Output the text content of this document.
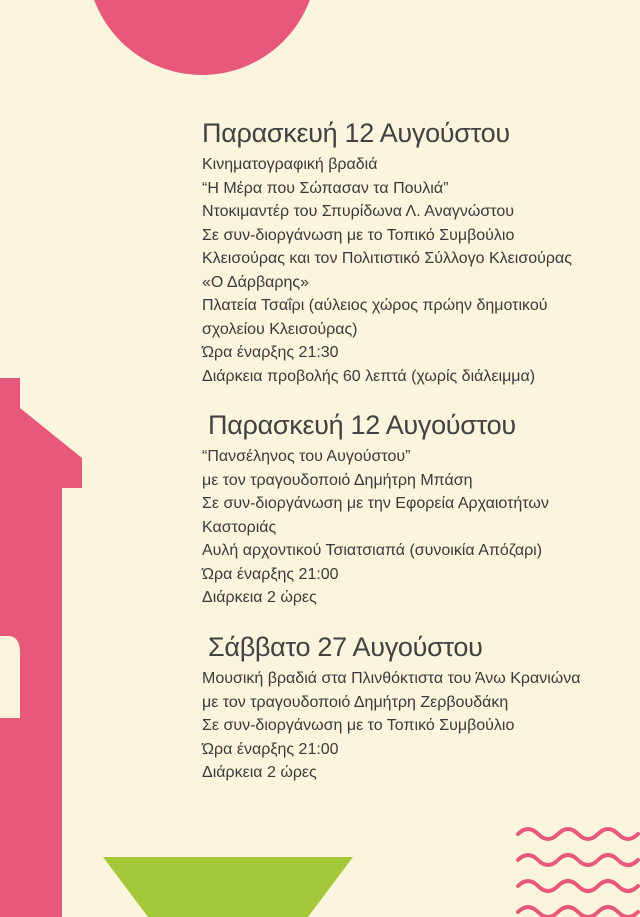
Παρασκευή 12 Αυγούστου
Κινηματογραφική βραδιά
“Η Μέρα που Σώπασαν τα Πουλιά”
Ντοκιμαντέρ του Σπυρίδωνα Λ. Αναγνώστου
Σε συν-διοργάνωση με το Τοπικό Συμβούλιο
Κλεισούρας και τον Πολιτιστικό Σύλλογο Κλεισούρας
«Ο Δάρβαρης»
Πλατεία Τσαΐρι (αύλειος χώρος πρώην δημοτικού
σχολείου Κλεισούρας)
Ώρα έναρξης 21:30
Διάρκεια προβολής 60 λεπτά (χωρίς διάλειμμα)
Παρασκευή 12 Αυγούστου
“Πανσέληνος του Αυγούστου”
με τον τραγουδοποιό Δημήτρη Μπάση
Σε συν-διοργάνωση με την Εφορεία Αρχαιοτήτων
Καστοριάς
Αυλή αρχοντικού Τσιατσιαπά (συνοικία Απόζαρι)
Ώρα έναρξης 21:00
Διάρκεια 2 ώρες
Σάββατο 27 Αυγούστου
Μουσική βραδιά στα Πλινθόκτιστα του Άνω Κρανιώνα
με τον τραγουδοποιό Δημήτρη Ζερβουδάκη
Σε συν-διοργάνωση με το Τοπικό Συμβούλιο
Ώρα έναρξης 21:00
Διάρκεια 2 ώρες
